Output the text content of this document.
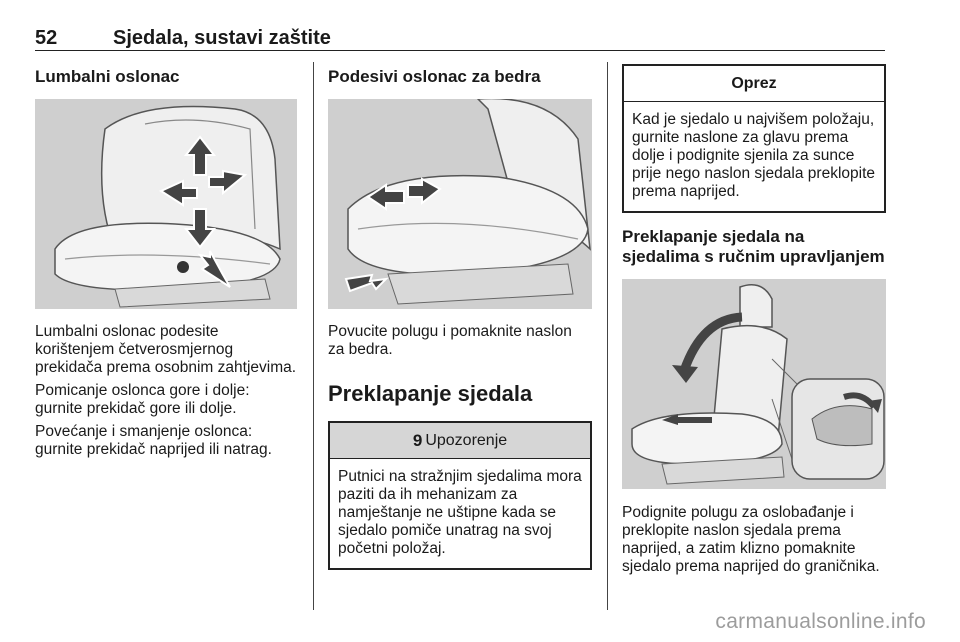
52	Sjedala, sustavi zaštite
Lumbalni oslonac

Lumbalni oslonac podesite korištenjem četverosmjernog prekidača prema osobnim zahtjevima.

Pomicanje oslonca gore i dolje: gurnite prekidač gore ili dolje.

Povećanje i smanjenje oslonca: gurnite prekidač naprijed ili natrag.

Podesivi oslonac za bedra

Povucite polugu i pomaknite naslon za bedra.

Preklapanje sjedala
9 Upozorenje
Putnici na stražnjim sjedalima mora paziti da ih mehanizam za namještanje ne uštipne kada se sjedalo pomiče unatrag na svoj početni položaj.
Oprez
Kad je sjedalo u najvišem položaju, gurnite naslone za glavu prema dolje i podignite sjenila za sunce prije nego naslon sjedala preklopite prema naprijed.
Preklapanje sjedala na sjedalima s ručnim upravljanjem

Podignite polugu za oslobađanje i preklopite naslon sjedala prema naprijed, a zatim klizno pomaknite sjedalo prema naprijed do graničnika.

carmanualsonline.info
